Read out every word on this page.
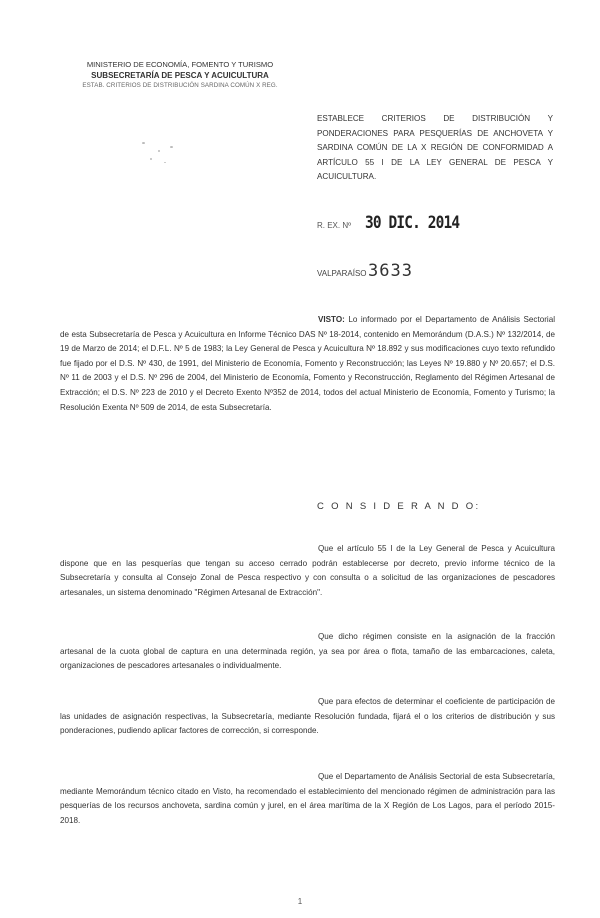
MINISTERIO DE ECONOMÍA, FOMENTO Y TURISMO
SUBSECRETARÍA DE PESCA Y ACUICULTURA
ESTAB. CRITERIOS DE DISTRIBUCIÓN SARDINA COMÚN X REG.
ESTABLECE CRITERIOS DE DISTRIBUCIÓN Y PONDERACIONES PARA PESQUERÍAS DE ANCHOVETA Y SARDINA COMÚN DE LA X REGIÓN DE CONFORMIDAD A ARTÍCULO 55 I DE LA LEY GENERAL DE PESCA Y ACUICULTURA.
R. EX. Nº 30 DIC. 2014
VALPARAÍSO 3633
VISTO: Lo informado por el Departamento de Análisis Sectorial de esta Subsecretaría de Pesca y Acuicultura en Informe Técnico DAS Nº 18-2014, contenido en Memorándum (D.A.S.) Nº 132/2014, de 19 de Marzo de 2014; el D.F.L. Nº 5 de 1983; la Ley General de Pesca y Acuicultura Nº 18.892 y sus modificaciones cuyo texto refundido fue fijado por el D.S. Nº 430, de 1991, del Ministerio de Economía, Fomento y Reconstrucción; las Leyes Nº 19.880 y Nº 20.657; el D.S. Nº 11 de 2003 y el D.S. Nº 296 de 2004, del Ministerio de Economía, Fomento y Reconstrucción, Reglamento del Régimen Artesanal de Extracción; el D.S. Nº 223 de 2010 y el Decreto Exento Nº352 de 2014, todos del actual Ministerio de Economía, Fomento y Turismo; la Resolución Exenta Nº 509 de 2014, de esta Subsecretaría.
C O N S I D E R A N D O:
Que el artículo 55 I de la Ley General de Pesca y Acuicultura dispone que en las pesquerías que tengan su acceso cerrado podrán establecerse por decreto, previo informe técnico de la Subsecretaría y consulta al Consejo Zonal de Pesca respectivo y con consulta o a solicitud de las organizaciones de pescadores artesanales, un sistema denominado "Régimen Artesanal de Extracción".
Que dicho régimen consiste en la asignación de la fracción artesanal de la cuota global de captura en una determinada región, ya sea por área o flota, tamaño de las embarcaciones, caleta, organizaciones de pescadores artesanales o individualmente.
Que para efectos de determinar el coeficiente de participación de las unidades de asignación respectivas, la Subsecretaría, mediante Resolución fundada, fijará el o los criterios de distribución y sus ponderaciones, pudiendo aplicar factores de corrección, si corresponde.
Que el Departamento de Análisis Sectorial de esta Subsecretaría, mediante Memorándum técnico citado en Visto, ha recomendado el establecimiento del mencionado régimen de administración para las pesquerías de los recursos anchoveta, sardina común y jurel, en el área marítima de la X Región de Los Lagos, para el período 2015-2018.
1
